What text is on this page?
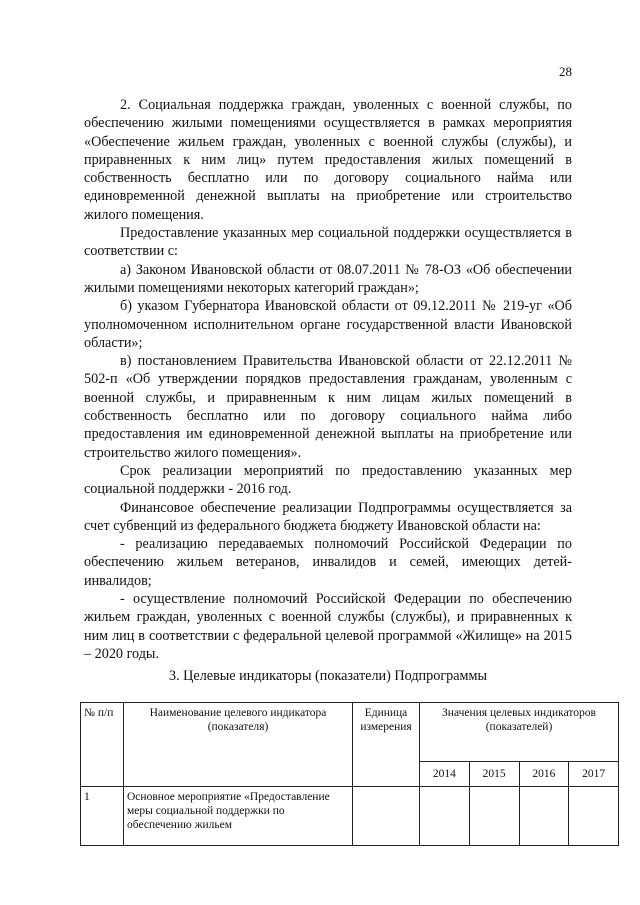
28

2. Социальная поддержка граждан, уволенных с военной службы, по обеспечению жилыми помещениями осуществляется в рамках мероприятия «Обеспечение жильем граждан, уволенных с военной службы (службы), и приравненных к ним лиц» путем предоставления жилых помещений в собственность бесплатно или по договору социального найма или единовременной денежной выплаты на приобретение или строительство жилого помещения.

Предоставление указанных мер социальной поддержки осуществляется в соответствии с:

а) Законом Ивановской области от 08.07.2011 № 78-ОЗ «Об обеспечении жилыми помещениями некоторых категорий граждан»;

б) указом Губернатора Ивановской области от 09.12.2011 № 219-уг «Об уполномоченном исполнительном органе государственной власти Ивановской области»;

в) постановлением Правительства Ивановской области от 22.12.2011 № 502-п «Об утверждении порядков предоставления гражданам, уволенным с военной службы, и приравненным к ним лицам жилых помещений в собственность бесплатно или по договору социального найма либо предоставления им единовременной денежной выплаты на приобретение или строительство жилого помещения».

Срок реализации мероприятий по предоставлению указанных мер социальной поддержки - 2016 год.

Финансовое обеспечение реализации Подпрограммы осуществляется за счет субвенций из федерального бюджета бюджету Ивановской области на:

- реализацию передаваемых полномочий Российской Федерации по обеспечению жильем ветеранов, инвалидов и семей, имеющих детей-инвалидов;

- осуществление полномочий Российской Федерации по обеспечению жильем граждан, уволенных с военной службы (службы), и приравненных к ним лиц в соответствии с федеральной целевой программой «Жилище» на 2015 – 2020 годы.

3. Целевые индикаторы (показатели) Подпрограммы
№ п/п	Наименование целевого индикатора (показателя)	Единица измерения	Значения целевых индикаторов (показателей)			
			2014	2015	2016	2017
1	Основное мероприятие «Предоставление меры социальной поддержки по обеспечению жильем					
